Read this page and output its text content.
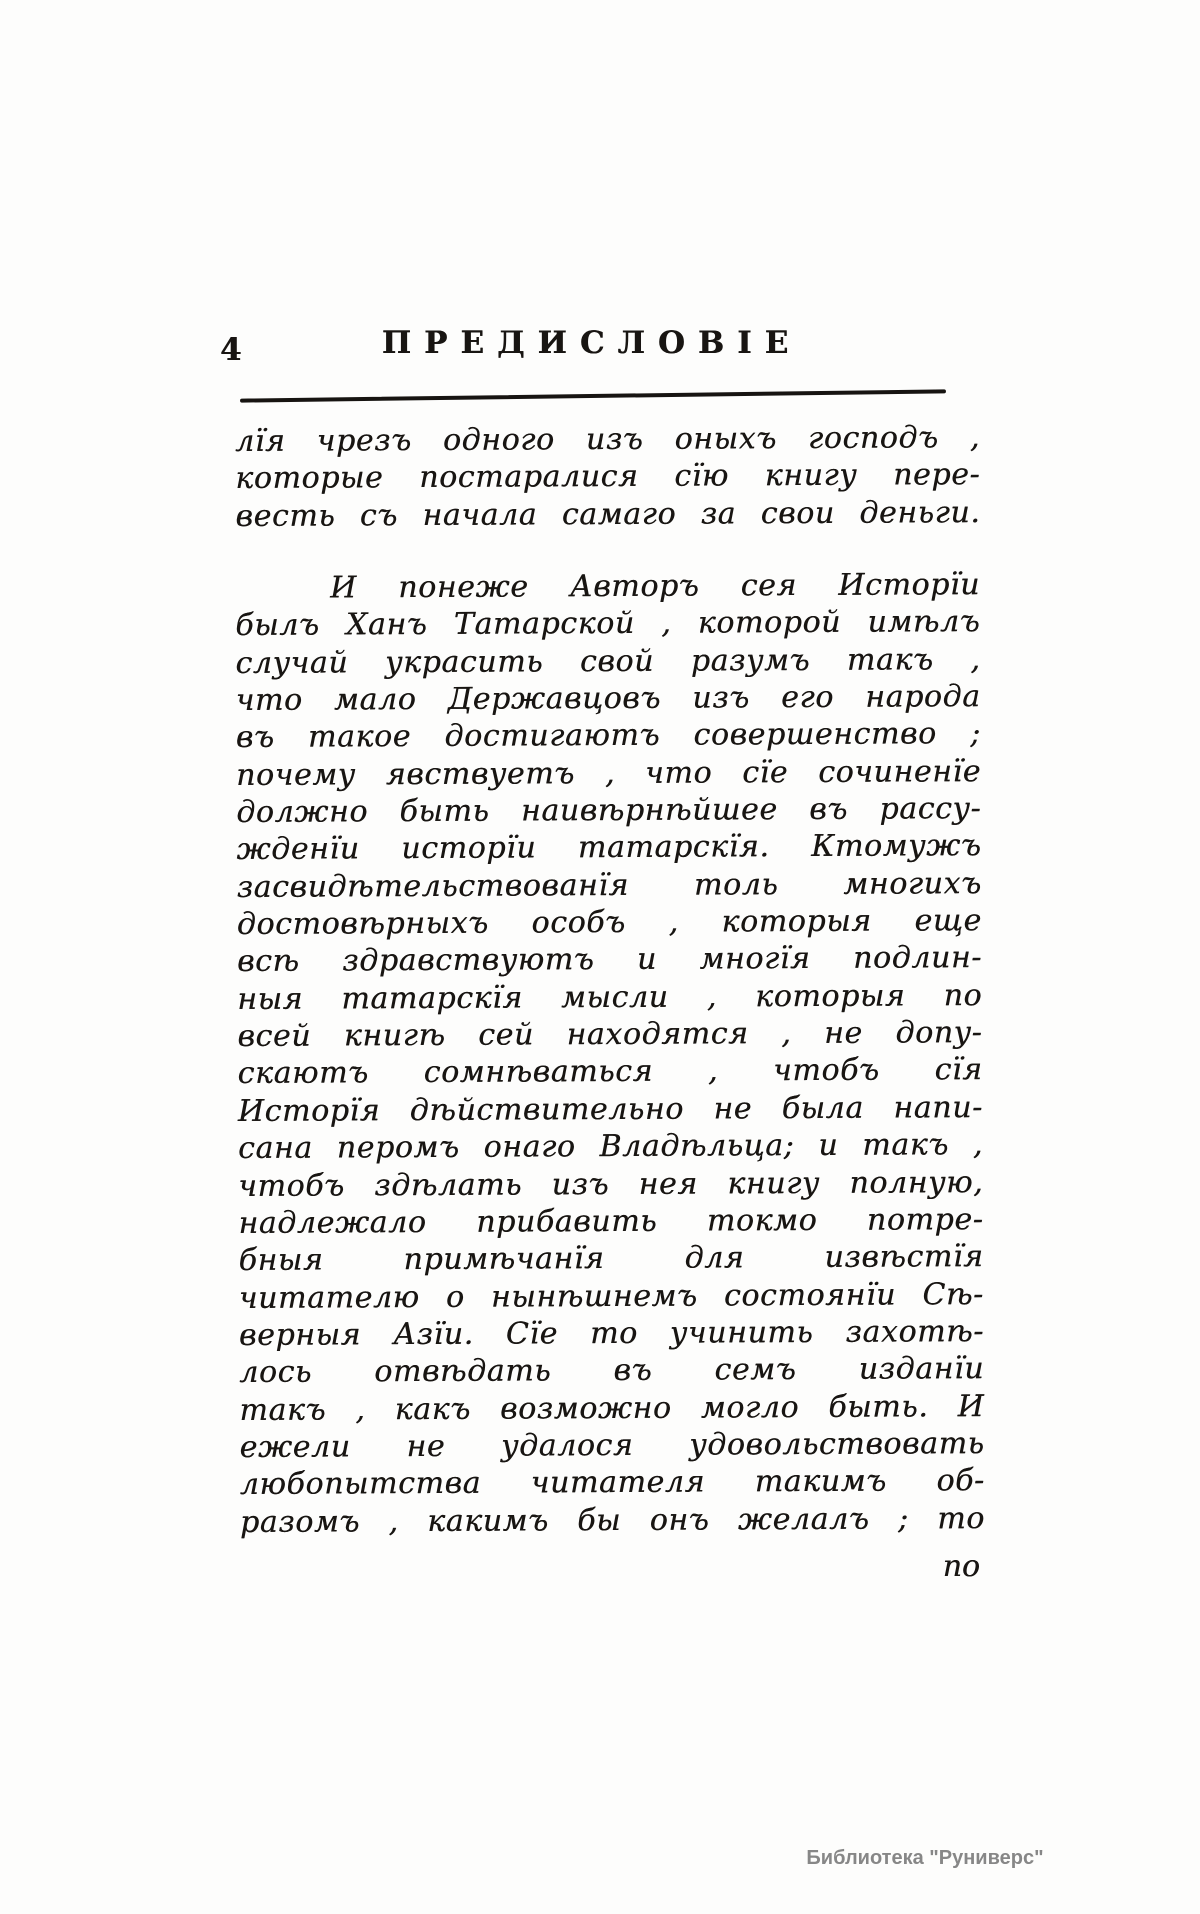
4	ПРЕДИСЛОВІЕ
лїя чрезъ одного изъ оныхъ господъ ,
которые постаралися сїю книгу пере-
весть съ начала самаго за свои деньги.
И понеже Авторъ сея Исторїи
былъ Ханъ Татарской , которой имѣлъ
случай украсить свой разумъ такъ ,
что мало Державцовъ изъ его народа
въ такое достигаютъ совершенство ;
почему явствуетъ , что сїе сочиненїе
должно быть наивѣрнѣйшее въ рассу-
жденїи исторїи татарскїя. Ктомужъ
засвидѣтельствованїя толь многихъ
достовѣрныхъ особъ , которыя еще
всѣ здравствуютъ и многїя подлин-
ныя татарскїя мысли , которыя по
всей книгѣ сей находятся , не допу-
скаютъ сомнѣваться , чтобъ сїя
Исторїя дѣйствительно не была напи-
сана перомъ онаго Владѣльца; и такъ ,
чтобъ здѣлать изъ нея книгу полную,
надлежало прибавить токмо потре-
бныя	примѣчанїя	для	извѣстїя
читателю о нынѣшнемъ состоянїи Сѣ-
верныя Азїи. Сїе то учинить захотѣ-
лось отвѣдать въ семъ изданїи
такъ , какъ возможно могло быть. И
ежели не удалося удовольствовать
любопытства читателя такимъ об-
разомъ , какимъ бы онъ желалъ ; то
по
Библиотека "Руниверс"
